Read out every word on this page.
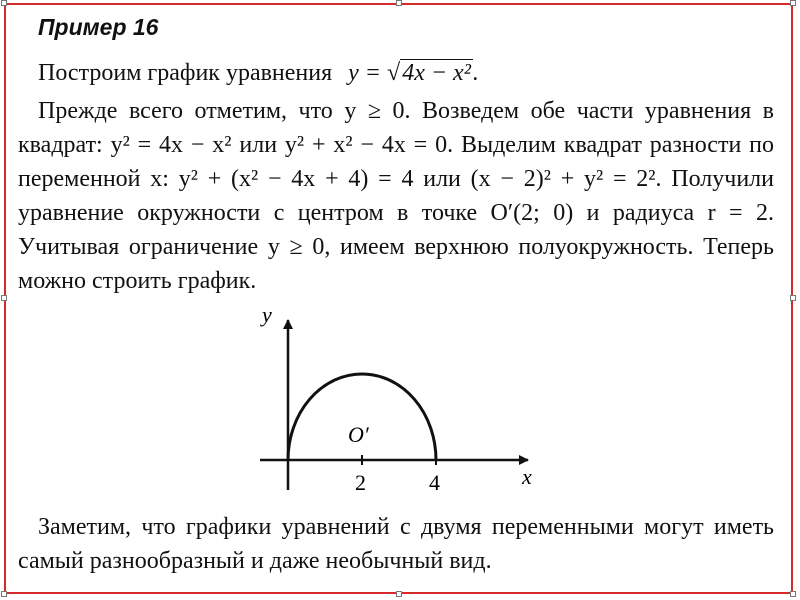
Пример 16
Построим график уравнения y = √4x − x².

Прежде всего отметим, что y ≥ 0. Возведем обе части уравнения в квадрат: y² = 4x − x² или y² + x² − 4x = 0. Выделим квадрат разности по переменной x: y² + (x² − 4x + 4) = 4 или (x − 2)² + y² = 2². Получили уравнение окружности с центром в точке O′(2; 0) и радиуса r = 2. Учитывая ограничение y ≥ 0, имеем верхнюю полуокружность. Теперь можно строить график.

y
x
O′
2	4

Заметим, что графики уравнений с двумя переменными могут иметь самый разнообразный и даже необычный вид.
